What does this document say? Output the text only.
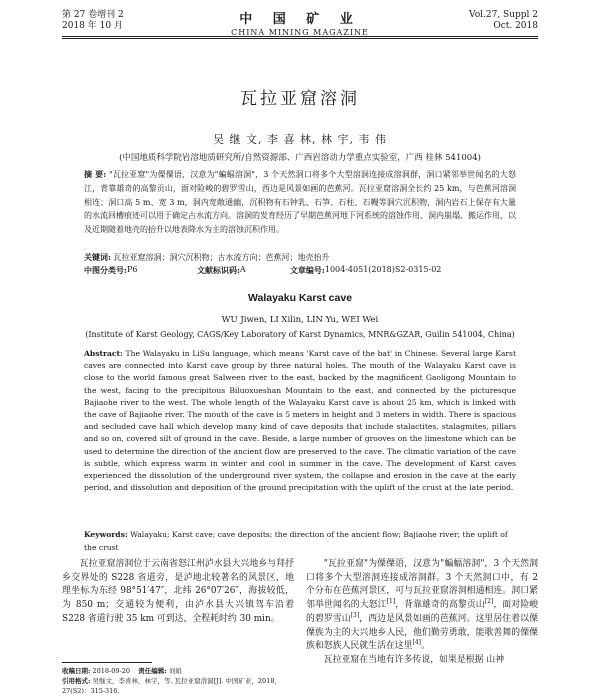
第 27 卷增刊 2
2018 年 10 月	中 国 矿 业
CHINA MINING MAGAZINE
Vol.27, Suppl 2
Oct. 2018
瓦拉亚窟溶洞
吴 继 文, 李 喜 林, 林 宇, 韦 伟
(中国地质科学院岩溶地质研究所/自然资源部、广西岩溶动力学重点实验室，广西 桂林 541004)
摘 要: "瓦拉亚窟"为傈僳语，汉意为"蝙蝠溶洞"，3 个天然洞口将多个大型溶洞连接成溶洞群，洞口紧邻举世闻名的大怒江，背靠雄奇的高黎贡山，面对险峻的碧罗雪山，西边是风景如画的芭蕉河。瓦拉亚窟溶洞全长约 25 km，与芭蕉河溶洞相连；洞口高 5 m、宽 3 m，洞内宽敞通幽，沉积物有石钟乳、石笋、石柱、石幔等洞穴沉积物，洞内岩石上保存有大量的水流回槽痕迹可以用于确定古水流方向。溶洞的发育经历了早期芭蕉河地下河系统的溶蚀作用、洞内崩塌、搬运作用，以及近期随着地壳的抬升以地表降水为主的溶蚀沉积作用。
关键词: 瓦拉亚窟溶洞；洞穴沉积物；古水流方向；芭蕉河；地壳抬升
中图分类号: P6	文献标识码: A	文章编号: 1004-4051(2018)S2-0315-02
Walayaku Karst cave
WU Jiwen, LI Xilin, LIN Yu, WEI Wei
(Institute of Karst Geology, CAGS/Key Laboratory of Karst Dynamics, MNR&GZAR, Guilin 541004, China)
Abstract: The Walayaku in LiSu language, which means 'Karst cave of the bat' in Chinese. Several large Karst caves are connected into Karst cave group by three natural holes. The mouth of the Walayaku Karst cave is close to the world famous great Salween river to the east, backed by the magnificent Gaoligong Mountain to the west, facing to the precipitous Biluoxueshan Mountain to the east, and connected by the picturesque Bajiaohe river to the west. The whole length of the Walayaku Karst cave is about 25 km, which is linked with the cave of Bajiaohe river. The mouth of the cave is 5 meters in height and 3 meters in width. There is spacious and secluded cave hall which develop many kind of cave deposits that include stalactites, stalagmites, pillars and so on, covered silt of ground in the cave. Beside, a large number of grooves on the limestone which can be used to determine the direction of the ancient flow are preserved to the cave. The climatic variation of the cave is subtle, which express warm in winter and cool in summer in the cave. The development of Karst caves experienced the dissolution of the underground river system, the collapse and erosion in the cave at the early period, and dissolution and deposition of the ground precipitation with the uplift of the crust at the late period.
Keywords: Walayaku; Karst cave; cave deposits; the direction of the ancient flow; Bajiaohe river; the uplift of the crust
瓦拉亚窟溶洞位于云南省怒江州泸水县大兴地乡与拜抒乡交界处的 S228 省道旁，是泸地北较著名的风景区，地理坐标为东经 98°51′47″，北纬 26°07′26″，海拔较低，为 850 m；交通较为便利，由泸水县大兴镇驾车沿着 S228 省道行驶 35 km 可到达，全程耗时约 30 min。
"瓦拉亚窟"为傈僳语，汉意为"蝙蝠溶洞"，3 个天然洞口将多个大型溶洞连接成溶洞群。3 个天然洞口中，有 2 个分布在芭蕉河景区，可与瓦拉亚窟溶洞相通相连。洞口紧邻举世闻名的大怒江[1]，背靠雄奇的高黎贡山[2]，面对险峻的碧罗雪山[3]，西边是风景如画的芭蕉河。这里居住着以傈僳族为主的大兴地乡人民，他们勤劳勇敢，能歌善舞的傈僳族和怒族人民就生活在这里[4]。
瓦拉亚窟在当地有许多传说，如果是根据 山神
收稿日期: 2018-09-20 责任编辑: 刘娟
引用格式: 吴继文，李喜林，林宇，等. 瓦拉亚窟溶洞[J]. 中国矿业，2018，27(S2)：315-316.
